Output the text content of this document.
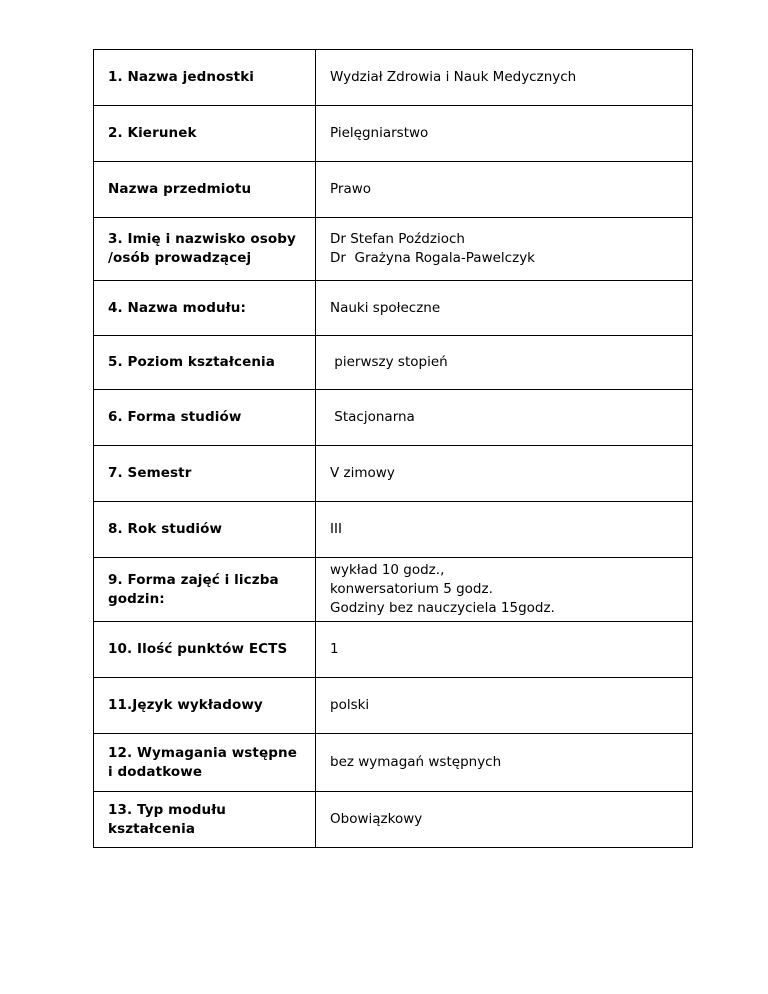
1. Nazwa jednostki	Wydział Zdrowia i Nauk Medycznych

2. Kierunek	Pielęgniarstwo

Nazwa przedmiotu	Prawo

3. Imię i nazwisko osoby /osób prowadzącej	Dr Stefan Poździoch
Dr  Grażyna Rogala-Pawelczyk

4. Nazwa modułu:	Nauki społeczne

5. Poziom kształcenia	pierwszy stopień

6. Forma studiów	Stacjonarna

7. Semestr	V zimowy

8. Rok studiów	III

9. Forma zajęć i liczba godzin:	wykład 10 godz.,
konwersatorium 5 godz.
Godziny bez nauczyciela 15godz.

10. Ilość punktów ECTS	1

11.Język wykładowy	polski

12. Wymagania wstępne i dodatkowe	bez wymagań wstępnych

13. Typ modułu kształcenia	Obowiązkowy
